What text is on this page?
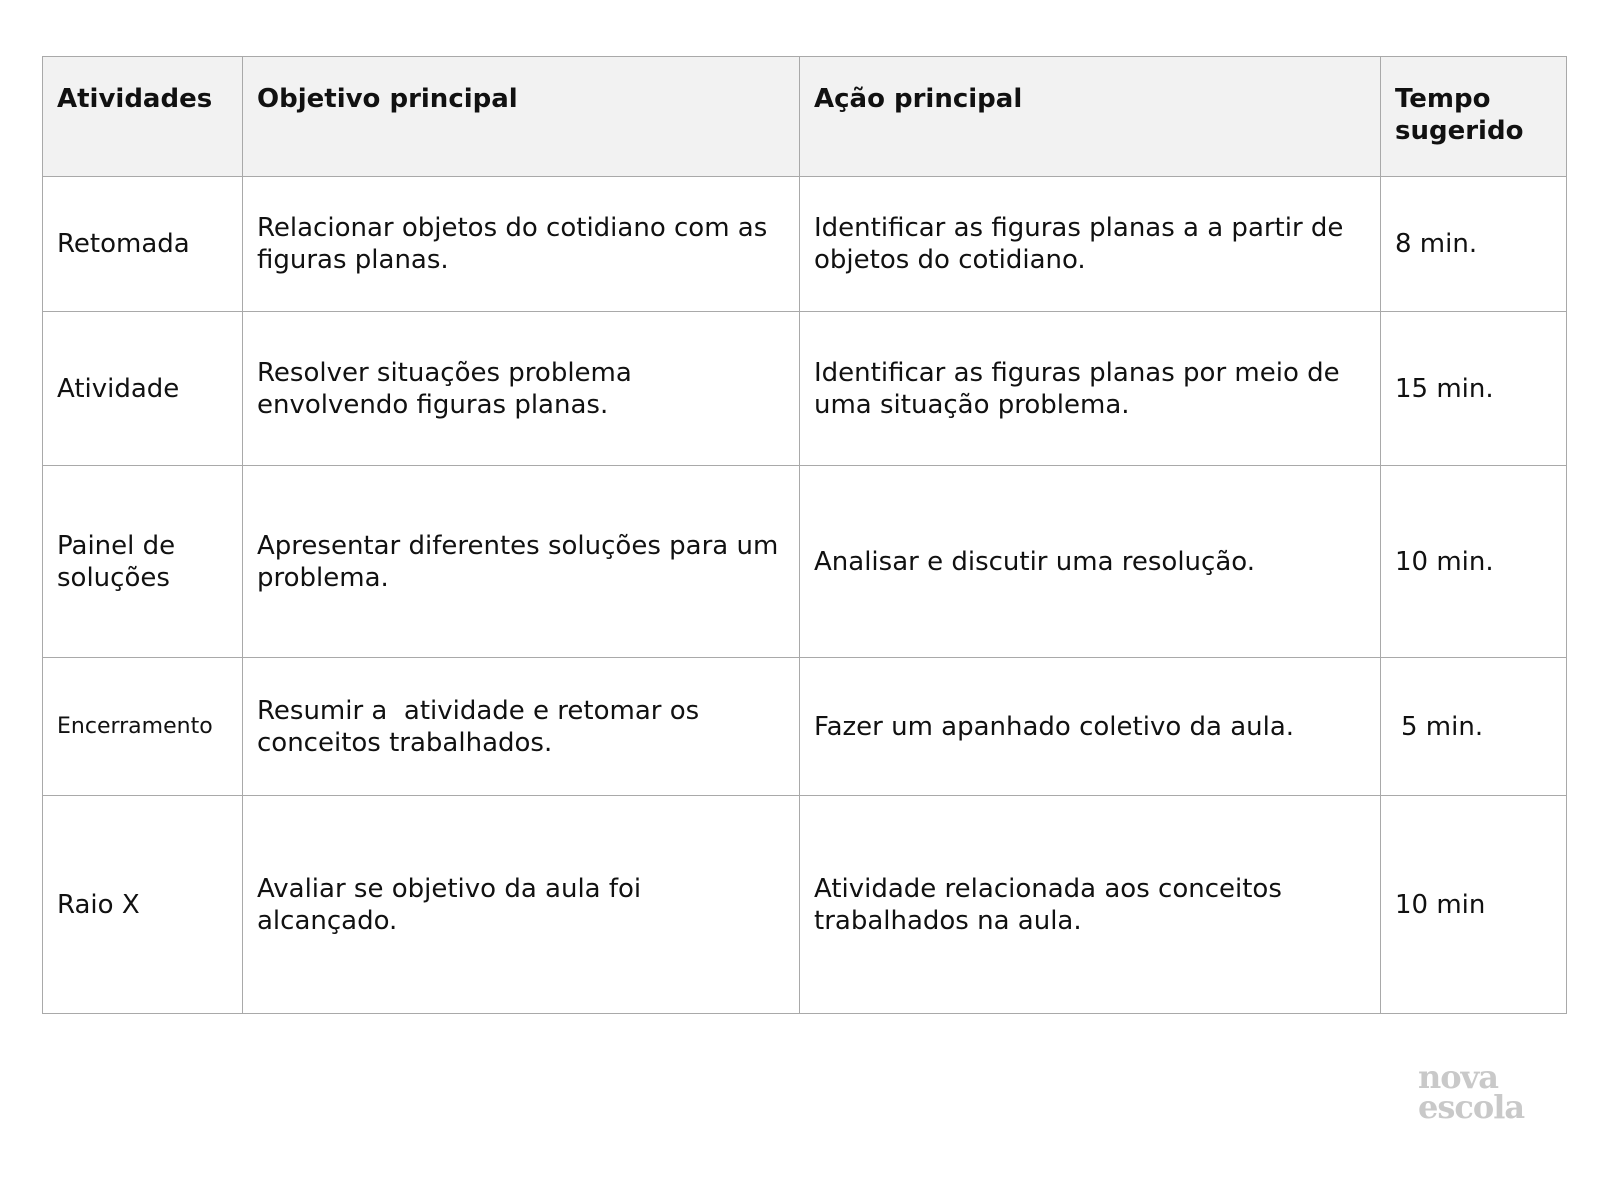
Atividades	Objetivo principal	Ação principal	Tempo sugerido
Retomada	Relacionar objetos do cotidiano com as figuras planas.	Identificar as figuras planas a a partir de objetos do cotidiano.	8 min.
Atividade	Resolver situações problema envolvendo figuras planas.	Identificar as figuras planas por meio de uma situação problema.	15 min.
Painel de soluções	Apresentar diferentes soluções para um problema.	Analisar e discutir uma resolução.	10 min.
Encerramento	Resumir a  atividade e retomar os conceitos trabalhados.	Fazer um apanhado coletivo da aula.	5 min.
Raio X	Avaliar se objetivo da aula foi alcançado.	Atividade relacionada aos conceitos trabalhados na aula.	10 min
nova
escola
